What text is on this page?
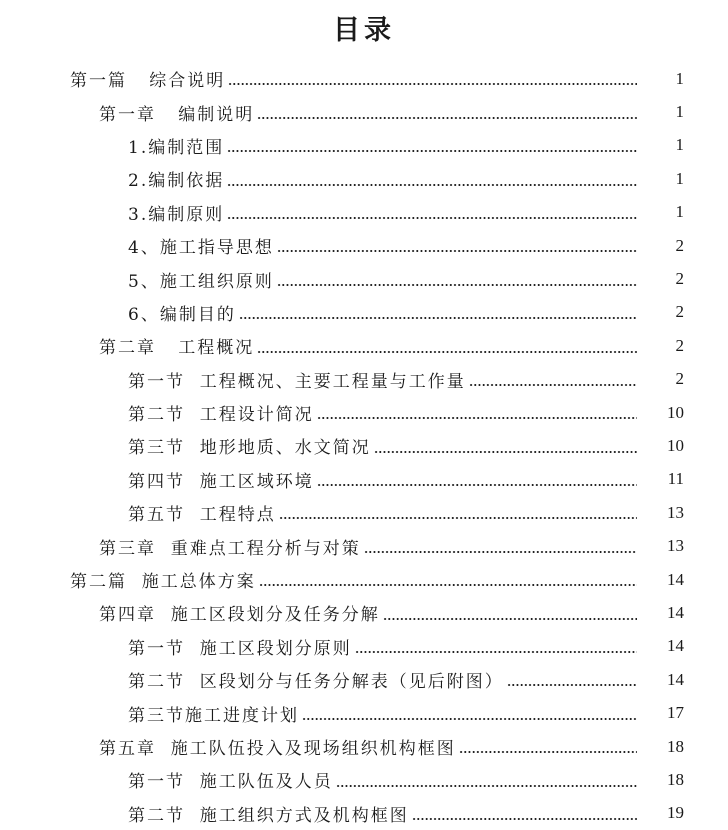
目录
第一篇   综合说明	1
第一章   编制说明	1
1.编制范围	1
2.编制依据	1
3.编制原则	1
4、施工指导思想	2
5、施工组织原则	2
6、编制目的	2
第二章   工程概况	2
第一节  工程概况、主要工程量与工作量	2
第二节  工程设计简况	10
第三节  地形地质、水文简况	10
第四节  施工区域环境	11
第五节  工程特点	13
第三章  重难点工程分析与对策	13
第二篇  施工总体方案	14
第四章  施工区段划分及任务分解	14
第一节  施工区段划分原则	14
第二节  区段划分与任务分解表（见后附图）	14
第三节施工进度计划	17
第五章  施工队伍投入及现场组织机构框图	18
第一节  施工队伍及人员	18
第二节  施工组织方式及机构框图	19
